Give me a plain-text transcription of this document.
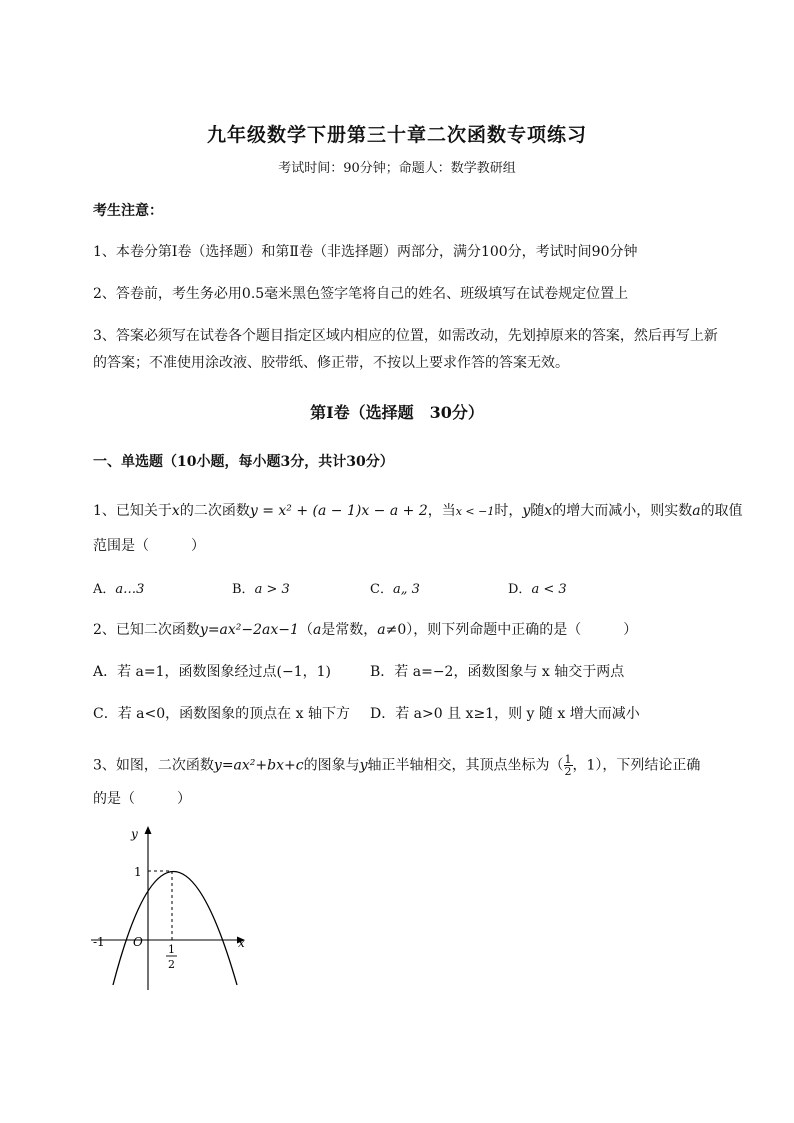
九年级数学下册第三十章二次函数专项练习
考试时间：90分钟；命题人：数学教研组
考生注意：
1、本卷分第Ⅰ卷（选择题）和第Ⅱ卷（非选择题）两部分，满分100分，考试时间90分钟
2、答卷前，考生务必用0.5毫米黑色签字笔将自己的姓名、班级填写在试卷规定位置上
3、答案必须写在试卷各个题目指定区域内相应的位置，如需改动，先划掉原来的答案，然后再写上新
的答案；不准使用涂改液、胶带纸、修正带，不按以上要求作答的答案无效。
第Ⅰ卷（选择题　30分）
一、单选题（10小题，每小题3分，共计30分）
1、已知关于x的二次函数y = x² + (a − 1)x − a + 2，当x < −1时，y随x的增大而减小，则实数a的取值
范围是（　　　）
A．a…3	B．a > 3	C．a„ 3	D．a < 3
2、已知二次函数y=ax²−2ax−1（a是常数，a≠0），则下列命题中正确的是（　　　）
A．若 a=1，函数图象经过点(−1，1)	B．若 a=−2，函数图象与 x 轴交于两点
C．若 a<0，函数图象的顶点在 x 轴下方 D．若 a>0 且 x≥1，则 y 随 x 增大而减小
3、如图，二次函数y=ax²+bx+c的图象与y轴正半轴相交，其顶点坐标为（ $\frac{1}{2}$ ，1），下列结论正确
的是（　　　）
y
x
O
-1
1
1
2
